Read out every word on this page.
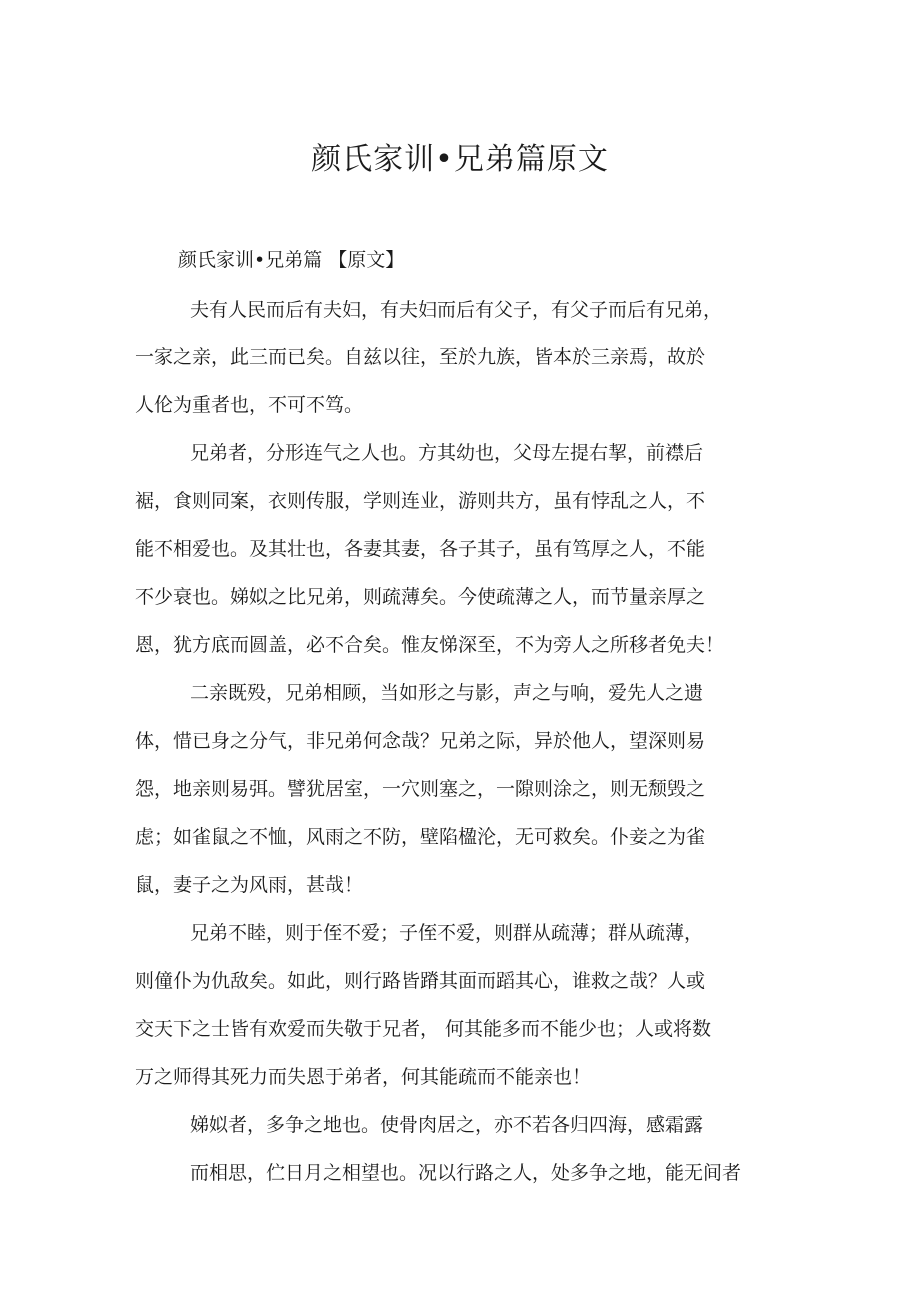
颜氏家训•兄弟篇原文
颜氏家训•兄弟篇 【原文】
夫有人民而后有夫妇，有夫妇而后有父子，有父子而后有兄弟，
一家之亲，此三而已矣。自兹以往，至於九族，皆本於三亲焉，故於
人伦为重者也，不可不笃。
兄弟者，分形连气之人也。方其幼也，父母左提右挈，前襟后
裾，食则同案，衣则传服，学则连业，游则共方，虽有悖乱之人，不
能不相爱也。及其壮也，各妻其妻，各子其子，虽有笃厚之人，不能
不少衰也。娣姒之比兄弟，则疏薄矣。今使疏薄之人，而节量亲厚之
恩，犹方底而圆盖，必不合矣。惟友悌深至，不为旁人之所移者免夫！
二亲既殁，兄弟相顾，当如形之与影，声之与响，爱先人之遗
体，惜已身之分气，非兄弟何念哉？兄弟之际，异於他人，望深则易
怨，地亲则易弭。譬犹居室，一穴则塞之，一隙则涂之，则无颓毁之
虑；如雀鼠之不恤，风雨之不防，壁陷楹沦，无可救矣。仆妾之为雀
鼠，妻子之为风雨，甚哉！
兄弟不睦，则于侄不爱；子侄不爱，则群从疏薄；群从疏薄，
则僮仆为仇敌矣。如此，则行路皆蹐其面而蹈其心，谁救之哉？人或
交天下之士皆有欢爱而失敬于兄者， 何其能多而不能少也；人或将数
万之师得其死力而失恩于弟者，何其能疏而不能亲也！
娣姒者，多争之地也。使骨肉居之，亦不若各归四海，感霜露
而相思，伫日月之相望也。况以行路之人，处多争之地，能无间者
